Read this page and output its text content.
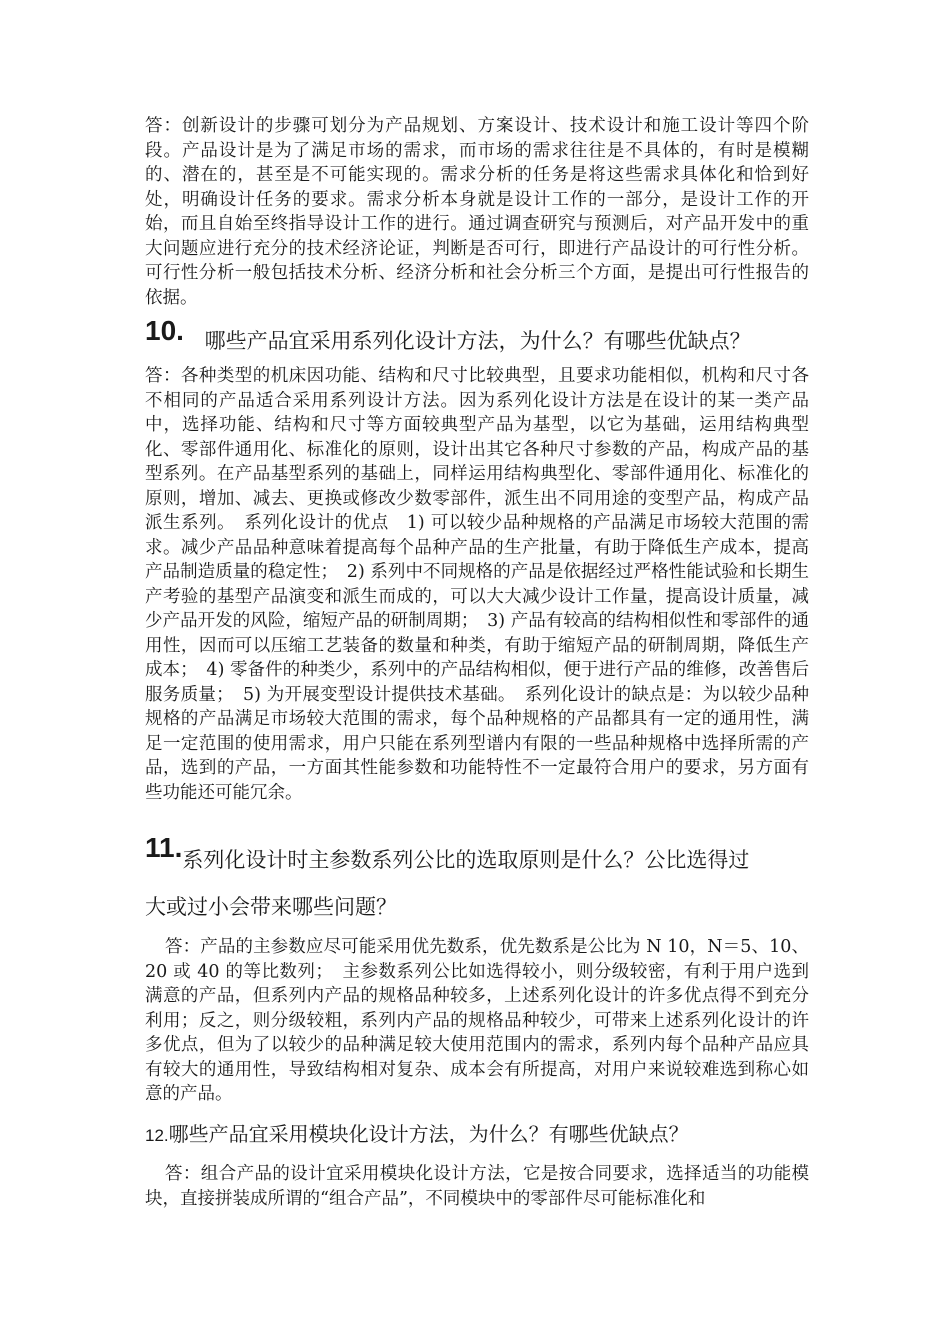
答：创新设计的步骤可划分为产品规划、方案设计、技术设计和施工设计等四个阶段。产品设计是为了满足市场的需求，而市场的需求往往是不具体的，有时是模糊的、潜在的，甚至是不可能实现的。需求分析的任务是将这些需求具体化和恰到好处，明确设计任务的要求。需求分析本身就是设计工作的一部分，是设计工作的开始，而且自始至终指导设计工作的进行。通过调查研究与预测后，对产品开发中的重大问题应进行充分的技术经济论证，判断是否可行，即进行产品设计的可行性分析。可行性分析一般包括技术分析、经济分析和社会分析三个方面，是提出可行性报告的依据。

10. 哪些产品宜采用系列化设计方法，为什么？有哪些优缺点？

答：各种类型的机床因功能、结构和尺寸比较典型，且要求功能相似，机构和尺寸各不相同的产品适合采用系列设计方法。因为系列化设计方法是在设计的某一类产品中，选择功能、结构和尺寸等方面较典型产品为基型，以它为基础，运用结构典型化、零部件通用化、标准化的原则，设计出其它各种尺寸参数的产品，构成产品的基型系列。在产品基型系列的基础上，同样运用结构典型化、零部件通用化、标准化的原则，增加、减去、更换或修改少数零部件，派生出不同用途的变型产品，构成产品派生系列。　系列化设计的优点　1) 可以较少品种规格的产品满足市场较大范围的需求。减少产品品种意味着提高每个品种产品的生产批量，有助于降低生产成本，提高产品制造质量的稳定性；　2) 系列中不同规格的产品是依据经过严格性能试验和长期生产考验的基型产品演变和派生而成的，可以大大减少设计工作量，提高设计质量，减少产品开发的风险，缩短产品的研制周期；　3) 产品有较高的结构相似性和零部件的通用性，因而可以压缩工艺装备的数量和种类，有助于缩短产品的研制周期，降低生产成本；　4) 零备件的种类少，系列中的产品结构相似，便于进行产品的维修，改善售后服务质量；　5) 为开展变型设计提供技术基础。　系列化设计的缺点是：为以较少品种规格的产品满足市场较大范围的需求，每个品种规格的产品都具有一定的通用性，满足一定范围的使用需求，用户只能在系列型谱内有限的一些品种规格中选择所需的产品，选到的产品，一方面其性能参数和功能特性不一定最符合用户的要求，另方面有些功能还可能冗余。

11.系列化设计时主参数系列公比的选取原则是什么？公比选得过
大或过小会带来哪些问题？

答：产品的主参数应尽可能采用优先数系，优先数系是公比为 N 10，N＝5、10、20 或 40 的等比数列；　主参数系列公比如选得较小，则分级较密，有利于用户选到满意的产品，但系列内产品的规格品种较多，上述系列化设计的许多优点得不到充分利用；反之，则分级较粗，系列内产品的规格品种较少，可带来上述系列化设计的许多优点，但为了以较少的品种满足较大使用范围内的需求，系列内每个品种产品应具有较大的通用性，导致结构相对复杂、成本会有所提高，对用户来说较难选到称心如意的产品。

12.哪些产品宜采用模块化设计方法，为什么？有哪些优缺点？

答：组合产品的设计宜采用模块化设计方法，它是按合同要求，选择适当的功能模块，直接拼装成所谓的“组合产品”，不同模块中的零部件尽可能标准化和
